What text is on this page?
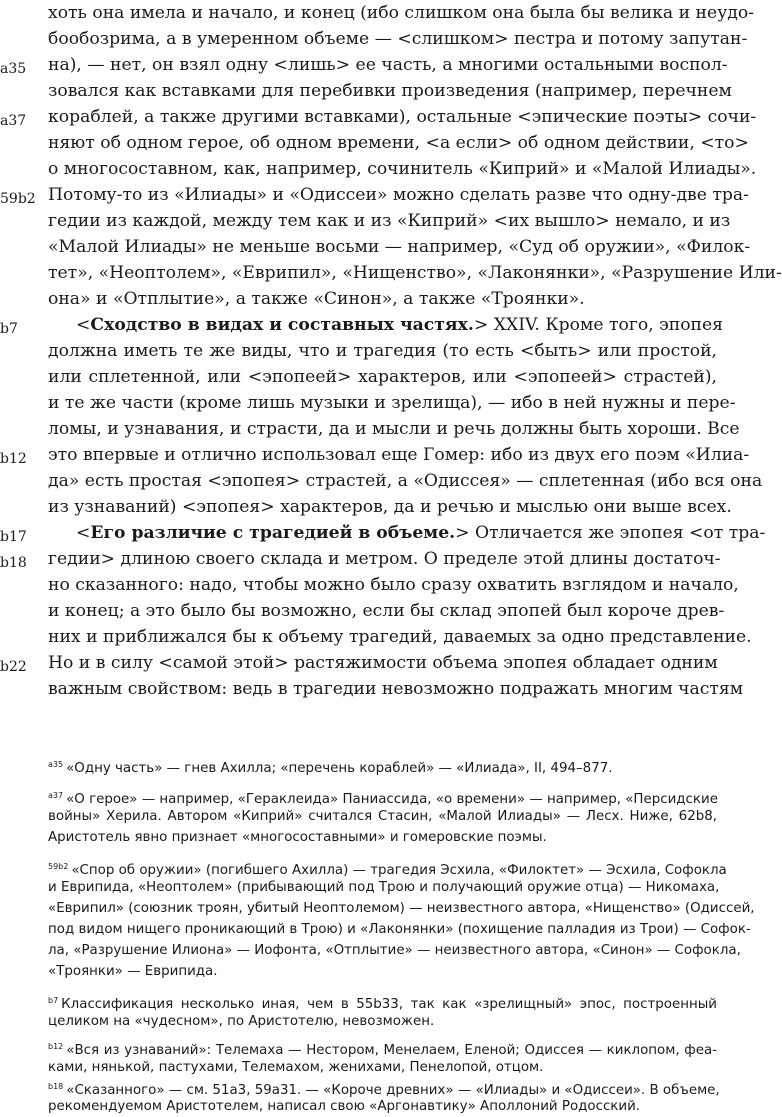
a35
a37
59b2
b7
b12
b17
b18
b22
хоть она имела и начало, и конец (ибо слишком она была бы велика и неудо-
бообозрима, а в умеренном объеме — <слишком> пестра и потому запутан-
на), — нет, он взял одну <лишь> ее часть, а многими остальными воспол-
зовался как вставками для перебивки произведения (например, перечнем
кораблей, а также другими вставками), остальные <эпические поэты> сочи-
няют об одном герое, об одном времени, <а если> об одном действии, <то>
о многосоставном, как, например, сочинитель «Киприй» и «Малой Илиады».
Потому-то из «Илиады» и «Одиссеи» можно сделать разве что одну-две тра-
гедии из каждой, между тем как и из «Киприй» <их вышло> немало, и из
«Малой Илиады» не меньше восьми — например, «Суд об оружии», «Филок-
тет», «Неоптолем», «Еврипил», «Нищенство», «Лаконянки», «Разрушение Или-
она» и «Отплытие», а также «Синон», а также «Троянки».
<Сходство в видах и составных частях.> XXIV. Кроме того, эпопея
должна иметь те же виды, что и трагедия (то есть <быть> или простой,
или сплетенной, или <эпопеей> характеров, или <эпопеей> страстей),
и те же части (кроме лишь музыки и зрелища), — ибо в ней нужны и пере-
ломы, и узнавания, и страсти, да и мысли и речь должны быть хороши. Все
это впервые и отлично использовал еще Гомер: ибо из двух его поэм «Илиа-
да» есть простая <эпопея> страстей, а «Одиссея» — сплетенная (ибо вся она
из узнаваний) <эпопея> характеров, да и речью и мыслью они выше всех.
<Его различие с трагедией в объеме.> Отличается же эпопея <от тра-
гедии> длиною своего склада и метром. О пределе этой длины достаточ-
но сказанного: надо, чтобы можно было сразу охватить взглядом и начало,
и конец; а это было бы возможно, если бы склад эпопей был короче древ-
них и приближался бы к объему трагедий, даваемых за одно представление.
Но и в силу <самой этой> растяжимости объема эпопея обладает одним
важным свойством: ведь в трагедии невозможно подражать многим частям
$^{a35}$ «Одну часть» — гнев Ахилла; «перечень кораблей» — «Илиада», II, 494–877.
$^{a37}$ «О герое» — например, «Гераклеида» Паниассида, «о времени» — например, «Персидские
войны» Херила. Автором «Киприй» считался Стасин, «Малой Илиады» — Лесх. Ниже, 62b8,
Аристотель явно признает «многосоставными» и гомеровские поэмы.
$^{59b2}$ «Спор об оружии» (погибшего Ахилла) — трагедия Эсхила, «Филоктет» — Эсхила, Софокла
и Еврипида, «Неоптолем» (прибывающий под Трою и получающий оружие отца) — Никомаха,
«Еврипил» (союзник троян, убитый Неоптолемом) — неизвестного автора, «Нищенство» (Одиссей,
под видом нищего проникающий в Трою) и «Лаконянки» (похищение палладия из Трои) — Софок-
ла, «Разрушение Илиона» — Иофонта, «Отплытие» — неизвестного автора, «Синон» — Софокла,
«Троянки» — Еврипида.
$^{b7}$ Классификация несколько иная, чем в 55b33, так как «зрелищный» эпос, построенный
целиком на «чудесном», по Аристотелю, невозможен.
$^{b12}$ «Вся из узнаваний»: Телемаха — Нестором, Менелаем, Еленой; Одиссея — киклопом, феа-
ками, нянькой, пастухами, Телемахом, женихами, Пенелопой, отцом.
$^{b18}$ «Сказанного» — см. 51а3, 59а31. — «Короче древних» — «Илиады» и «Одиссеи». В объеме,
рекомендуемом Аристотелем, написал свою «Аргонавтику» Аполлоний Родосский.
